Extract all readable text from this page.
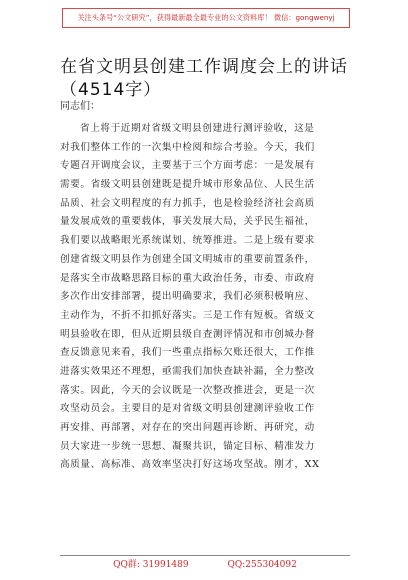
关注头条号“公文研究”，获得最新最全最专业的公文资料库！ 微信：gongwenyj
在省文明县创建工作调度会上的讲话
（4514字）
同志们：
省上将于近期对省级文明县创建进行测评验收，这是
对我们整体工作的一次集中检阅和综合考验。今天，我们
专题召开调度会议，主要基于三个方面考虑：一是发展有
需要。省级文明县创建既是提升城市形象品位、人民生活
品质、社会文明程度的有力抓手，也是检验经济社会高质
量发展成效的重要载体，事关发展大局，关乎民生福祉，
我们要以战略眼光系统谋划、统筹推进。二是上级有要求
创建省级文明县作为创建全国文明城市的重要前置条件，
是落实全市战略思路目标的重大政治任务，市委、市政府
多次作出安排部署，提出明确要求，我们必须积极响应、
主动作为，不折不扣抓好落实。三是工作有短板。省级文
明县验收在即，但从近期县级自查测评情况和市创城办督
查反馈意见来看，我们一些重点指标欠账还很大，工作推
进落实效果还不理想，亟需我们加快查缺补漏，全力整改
落实。因此，今天的会议既是一次整改推进会，更是一次
攻坚动员会。主要目的是对省级文明县创建测评验收工作
再安排、再部署，对存在的突出问题再诊断、再研究，动
员大家进一步统一思想、凝聚共识，锚定目标、精准发力
高质量、高标准、高效率坚决打好这场攻坚战。刚才，XX
QQ群: 31991489	QQ:255304092
